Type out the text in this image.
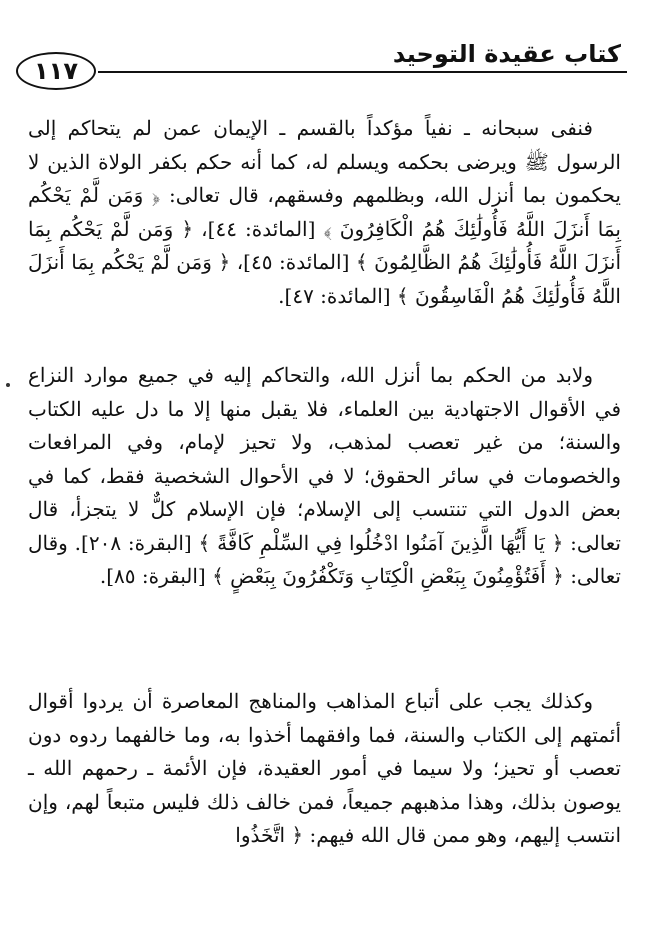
كتاب عقيدة التوحيد
١١٧

فنفى سبحانه ـ نفياً مؤكداً بالقسم ـ الإيمان عمن لم يتحاكم إلى الرسول ﷺ ويرضى بحكمه ويسلم له، كما أنه حكم بكفر الولاة الذين لا يحكمون بما أنزل الله، وبظلمهم وفسقهم، قال تعالى: ﴿ وَمَن لَّمْ يَحْكُم بِمَا أَنزَلَ اللَّهُ فَأُولَٰئِكَ هُمُ الْكَافِرُونَ ﴾ [المائدة: ٤٤]، ﴿ وَمَن لَّمْ يَحْكُم بِمَا أَنزَلَ اللَّهُ فَأُولَٰئِكَ هُمُ الظَّالِمُونَ ﴾ [المائدة: ٤٥]، ﴿ وَمَن لَّمْ يَحْكُم بِمَا أَنزَلَ اللَّهُ فَأُولَٰئِكَ هُمُ الْفَاسِقُونَ ﴾ [المائدة: ٤٧].

ولابد من الحكم بما أنزل الله، والتحاكم إليه في جميع موارد النزاع في الأقوال الاجتهادية بين العلماء، فلا يقبل منها إلا ما دل عليه الكتاب والسنة؛ من غير تعصب لمذهب، ولا تحيز لإمام، وفي المرافعات والخصومات في سائر الحقوق؛ لا في الأحوال الشخصية فقط، كما في بعض الدول التي تنتسب إلى الإسلام؛ فإن الإسلام كلٌّ لا يتجزأ، قال تعالى: ﴿ يَا أَيُّهَا الَّذِينَ آمَنُوا ادْخُلُوا فِي السِّلْمِ كَافَّةً ﴾ [البقرة: ٢٠٨]. وقال تعالى: ﴿ أَفَتُؤْمِنُونَ بِبَعْضِ الْكِتَابِ وَتَكْفُرُونَ بِبَعْضٍ ﴾ [البقرة: ٨٥].

وكذلك يجب على أتباع المذاهب والمناهج المعاصرة أن يردوا أقوال أئمتهم إلى الكتاب والسنة، فما وافقهما أخذوا به، وما خالفهما ردوه دون تعصب أو تحيز؛ ولا سيما في أمور العقيدة، فإن الأئمة ـ رحمهم الله ـ يوصون بذلك، وهذا مذهبهم جميعاً، فمن خالف ذلك فليس متبعاً لهم، وإن انتسب إليهم، وهو ممن قال الله فيهم: ﴿ اتَّخَذُوا
